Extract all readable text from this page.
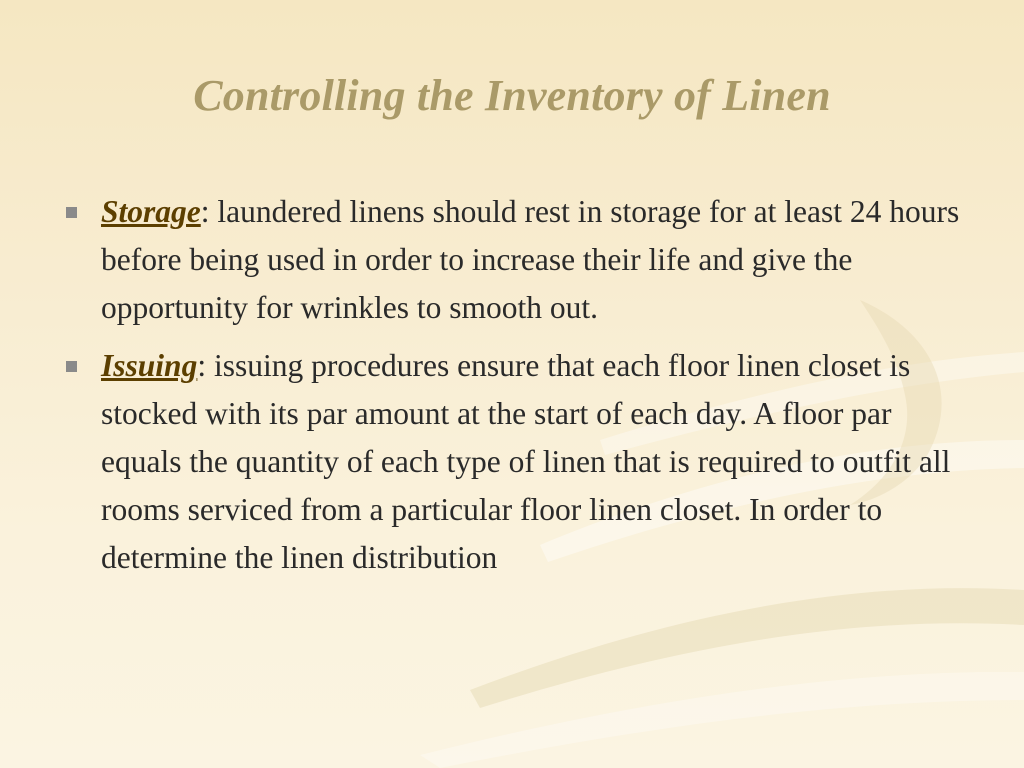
Controlling the Inventory of Linen
Storage: laundered linens should rest in storage for at least 24 hours before being used in order to increase their life and give the opportunity for wrinkles to smooth out.
Issuing: issuing procedures ensure that each floor linen closet is stocked with its par amount at the start of each day. A floor par equals the quantity of each type of linen that is required to outfit all rooms serviced from a particular floor linen closet. In order to determine the linen distribution
